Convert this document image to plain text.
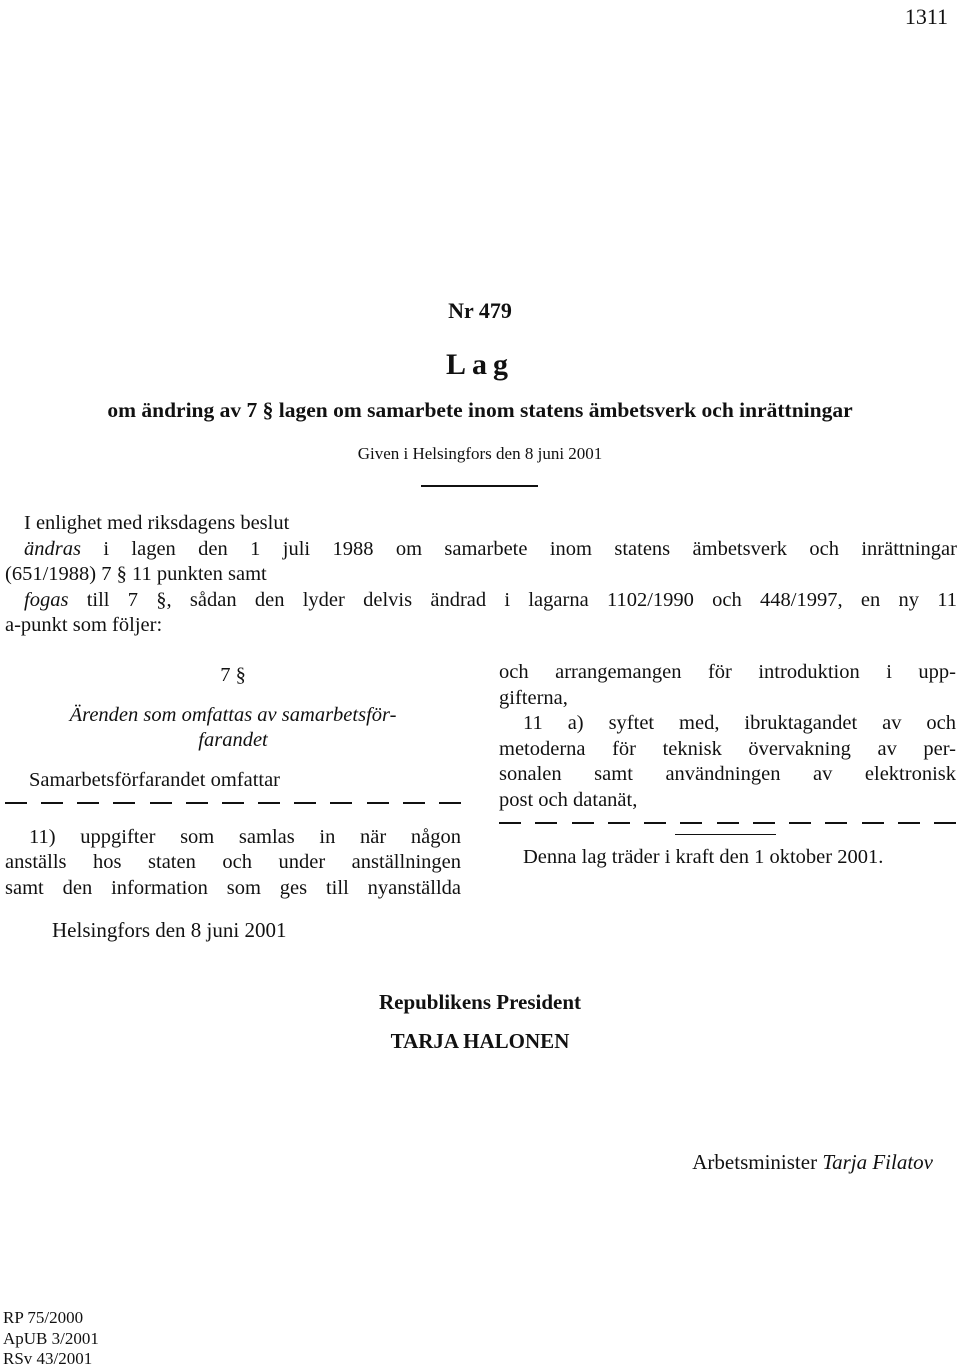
1311
Nr 479
Lag
om ändring av 7 § lagen om samarbete inom statens ämbetsverk och inrättningar
Given i Helsingfors den 8 juni 2001
I enlighet med riksdagens beslut
ändras i lagen den 1 juli 1988 om samarbete inom statens ämbetsverk och inrättningar
(651/1988) 7 § 11 punkten samt
fogas till 7 §, sådan den lyder delvis ändrad i lagarna 1102/1990 och 448/1997, en ny 11
a-punkt som följer:
7 §
Ärenden som omfattas av samarbetsför-
farandet
Samarbetsförfarandet omfattar
11) uppgifter som samlas in när någon
anställs hos staten och under anställningen
samt den information som ges till nyanställda
och arrangemangen för introduktion i upp-
gifterna,
11 a) syftet med, ibruktagandet av och
metoderna för teknisk övervakning av per-
sonalen samt användningen av elektronisk
post och datanät,
Denna lag träder i kraft den 1 oktober 2001.
Helsingfors den 8 juni 2001
Republikens President
TARJA HALONEN
Arbetsminister Tarja Filatov
RP 75/2000
ApUB 3/2001
RSv 43/2001
